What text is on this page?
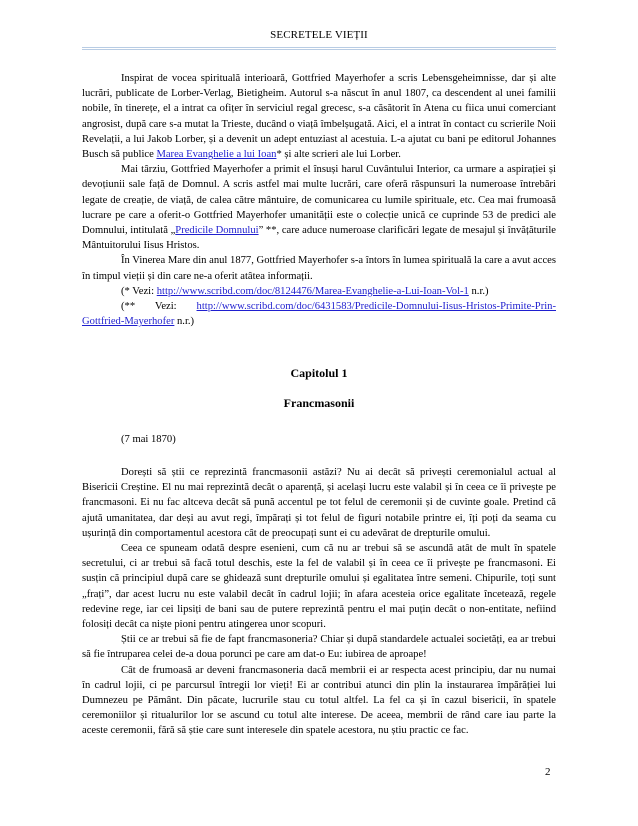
SECRETELE VIEȚII

Inspirat de vocea spirituală interioară, Gottfried Mayerhofer a scris Lebensgeheimnisse, dar și alte lucrări, publicate de Lorber-Verlag, Bietigheim. Autorul s-a născut în anul 1807, ca descendent al unei familii nobile, în tinerețe, el a intrat ca ofițer în serviciul regal grecesc, s-a căsătorit în Atena cu fiica unui comerciant angrosist, după care s-a mutat la Trieste, ducând o viață îmbelșugată. Aici, el a intrat în contact cu scrierile Noii Revelații, a lui Jakob Lorber, și a devenit un adept entuziast al acestuia. L-a ajutat cu bani pe editorul Johannes Busch să publice Marea Evanghelie a lui Ioan* și alte scrieri ale lui Lorber.

Mai târziu, Gottfried Mayerhofer a primit el însuși harul Cuvântului Interior, ca urmare a aspirației și devoțiunii sale față de Domnul. A scris astfel mai multe lucrări, care oferă răspunsuri la numeroase întrebări legate de creație, de viață, de calea către mântuire, de comunicarea cu lumile spirituale, etc. Cea mai frumoasă lucrare pe care a oferit-o Gottfried Mayerhofer umanității este o colecție unică ce cuprinde 53 de predici ale Domnului, intitulată „Predicile Domnului” **, care aduce numeroase clarificări legate de mesajul și învățăturile Mântuitorului Iisus Hristos.

În Vinerea Mare din anul 1877, Gottfried Mayerhofer s-a întors în lumea spirituală la care a avut acces în timpul vieții și din care ne-a oferit atâtea informații.

(* Vezi: http://www.scribd.com/doc/8124476/Marea-Evanghelie-a-Lui-Ioan-Vol-1 n.r.)

(** Vezi: http://www.scribd.com/doc/6431583/Predicile-Domnului-Iisus-Hristos-Primite-Prin-Gottfried-Mayerhofer n.r.)

Capitolul 1
Francmasonii
(7 mai 1870)

Dorești să știi ce reprezintă francmasonii astăzi? Nu ai decât să privești ceremonialul actual al Bisericii Creștine. El nu mai reprezintă decât o aparență, și același lucru este valabil și în ceea ce îi privește pe francmasoni. Ei nu fac altceva decât să pună accentul pe tot felul de ceremonii și de cuvinte goale. Pretind că ajută umanitatea, dar deși au avut regi, împărați și tot felul de figuri notabile printre ei, îți poți da seama cu ușurință din comportamentul acestora cât de preocupați sunt ei cu adevărat de drepturile omului.

Ceea ce spuneam odată despre esenieni, cum că nu ar trebui să se ascundă atât de mult în spatele secretului, ci ar trebui să facă totul deschis, este la fel de valabil și în ceea ce îi privește pe francmasoni. Ei susțin că principiul după care se ghidează sunt drepturile omului și egalitatea între semeni. Chipurile, toți sunt „frați”, dar acest lucru nu este valabil decât în cadrul lojii; în afara acesteia orice egalitate încetează, regele redevine rege, iar cei lipsiți de bani sau de putere reprezintă pentru el mai puțin decât o non-entitate, nefiind folosiți decât ca niște pioni pentru atingerea unor scopuri.

Știi ce ar trebui să fie de fapt francmasoneria? Chiar și după standardele actualei societăți, ea ar trebui să fie întruparea celei de-a doua porunci pe care am dat-o Eu: iubirea de aproape!

Cât de frumoasă ar deveni francmasoneria dacă membrii ei ar respecta acest principiu, dar nu numai în cadrul lojii, ci pe parcursul întregii lor vieți! Ei ar contribui atunci din plin la instaurarea împărăției lui Dumnezeu pe Pământ. Din păcate, lucrurile stau cu totul altfel. La fel ca și în cazul bisericii, în spatele ceremoniilor și ritualurilor lor se ascund cu totul alte interese. De aceea, membrii de rând care iau parte la aceste ceremonii, fără să știe care sunt interesele din spatele acestora, nu știu practic ce fac.

2
